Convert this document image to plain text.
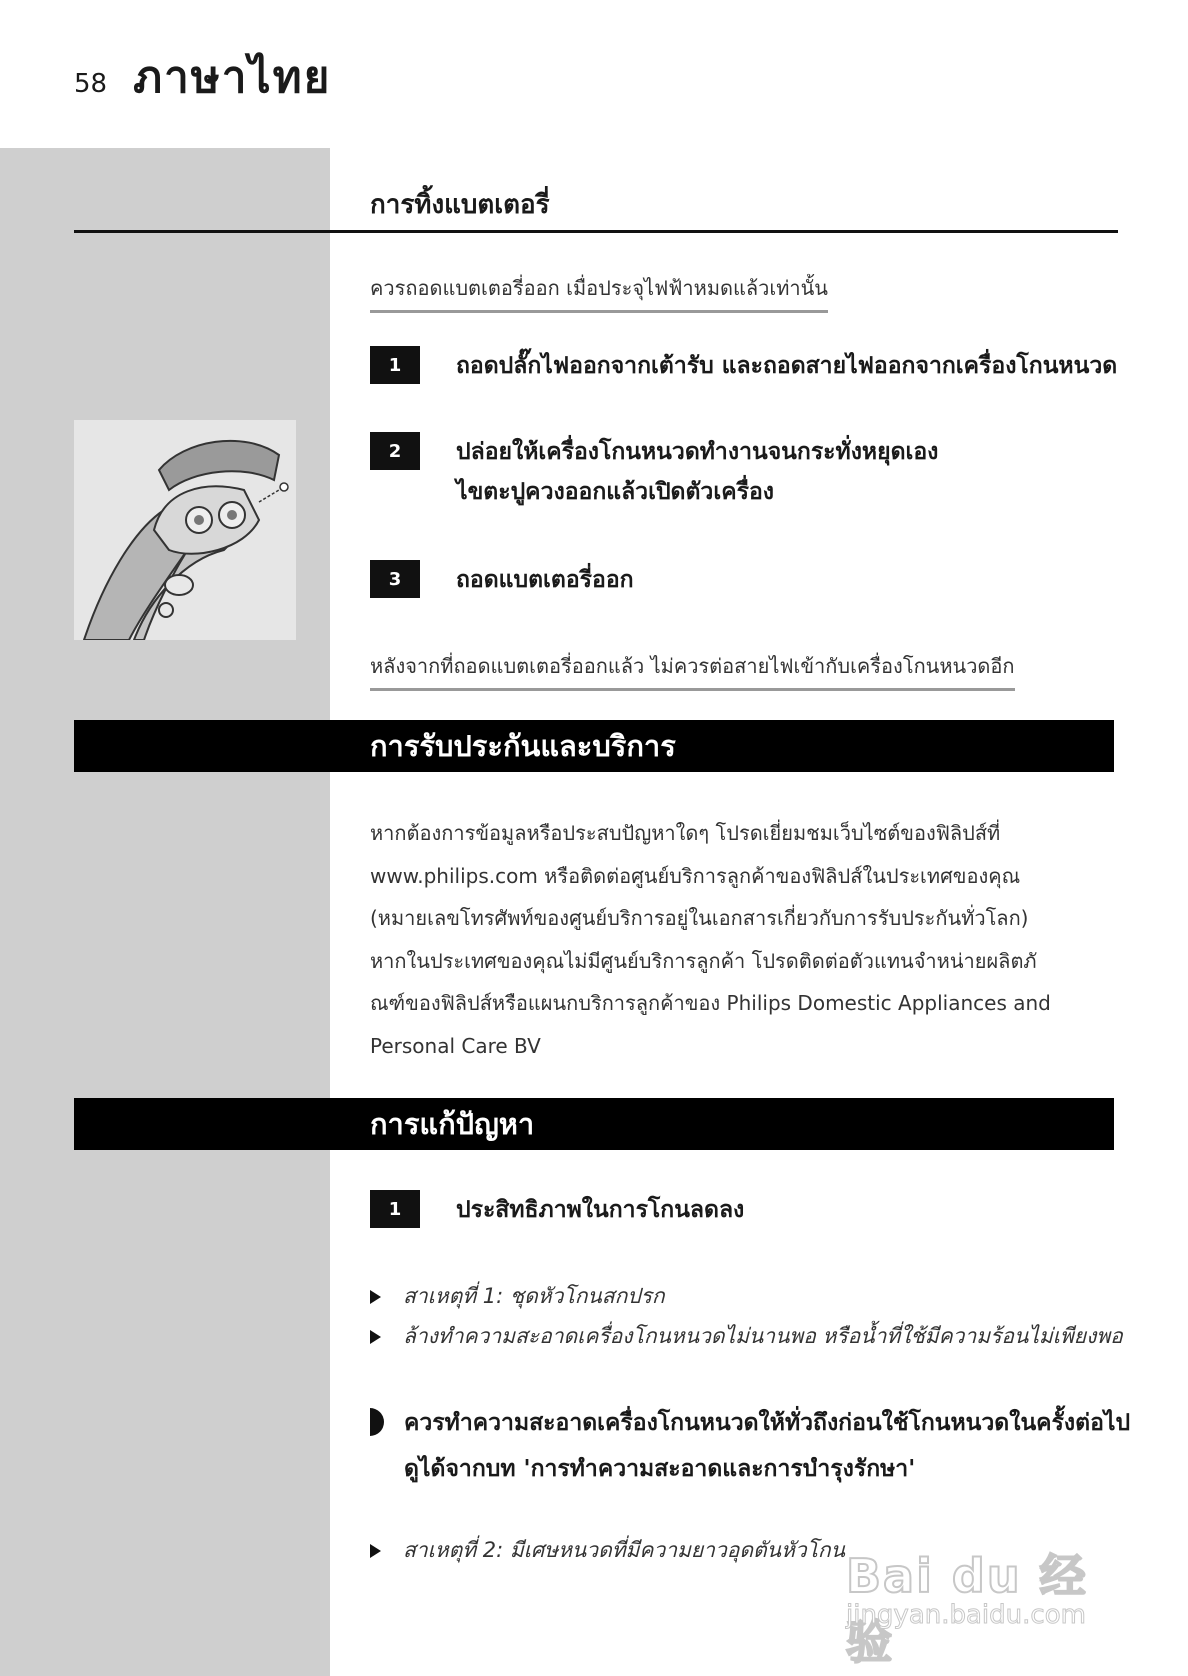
58 ภาษาไทย
การทิ้งแบตเตอรี่
ควรถอดแบตเตอรี่ออก เมื่อประจุไฟฟ้าหมดแล้วเท่านั้น
1	ถอดปลั๊กไฟออกจากเต้ารับ และถอดสายไฟออกจากเครื่องโกนหนวด
2	ปล่อยให้เครื่องโกนหนวดทำงานจนกระทั่งหยุดเอง
ไขตะปูควงออกแล้วเปิดตัวเครื่อง
3	ถอดแบตเตอรี่ออก
หลังจากที่ถอดแบตเตอรี่ออกแล้ว ไม่ควรต่อสายไฟเข้ากับเครื่องโกนหนวดอีก
การรับประกันและบริการ
หากต้องการข้อมูลหรือประสบปัญหาใดๆ โปรดเยี่ยมชมเว็บไซต์ของฟิลิปส์ที่
www.philips.com หรือติดต่อศูนย์บริการลูกค้าของฟิลิปส์ในประเทศของคุณ
(หมายเลขโทรศัพท์ของศูนย์บริการอยู่ในเอกสารเกี่ยวกับการรับประกันทั่วโลก)
หากในประเทศของคุณไม่มีศูนย์บริการลูกค้า โปรดติดต่อตัวแทนจำหน่ายผลิตภั
ณฑ์ของฟิลิปส์หรือแผนกบริการลูกค้าของ Philips Domestic Appliances and
Personal Care BV
การแก้ปัญหา
1	ประสิทธิภาพในการโกนลดลง
สาเหตุที่ 1: ชุดหัวโกนสกปรก
ล้างทำความสะอาดเครื่องโกนหนวดไม่นานพอ หรือน้ำที่ใช้มีความร้อนไม่เพียงพอ
ควรทำความสะอาดเครื่องโกนหนวดให้ทั่วถึงก่อนใช้โกนหนวดในครั้งต่อไป
ดูได้จากบท 'การทำความสะอาดและการบำรุงรักษา'
สาเหตุที่ 2: มีเศษหนวดที่มีความยาวอุดตันหัวโกน Bai du 经验
jingyan.baidu.com
